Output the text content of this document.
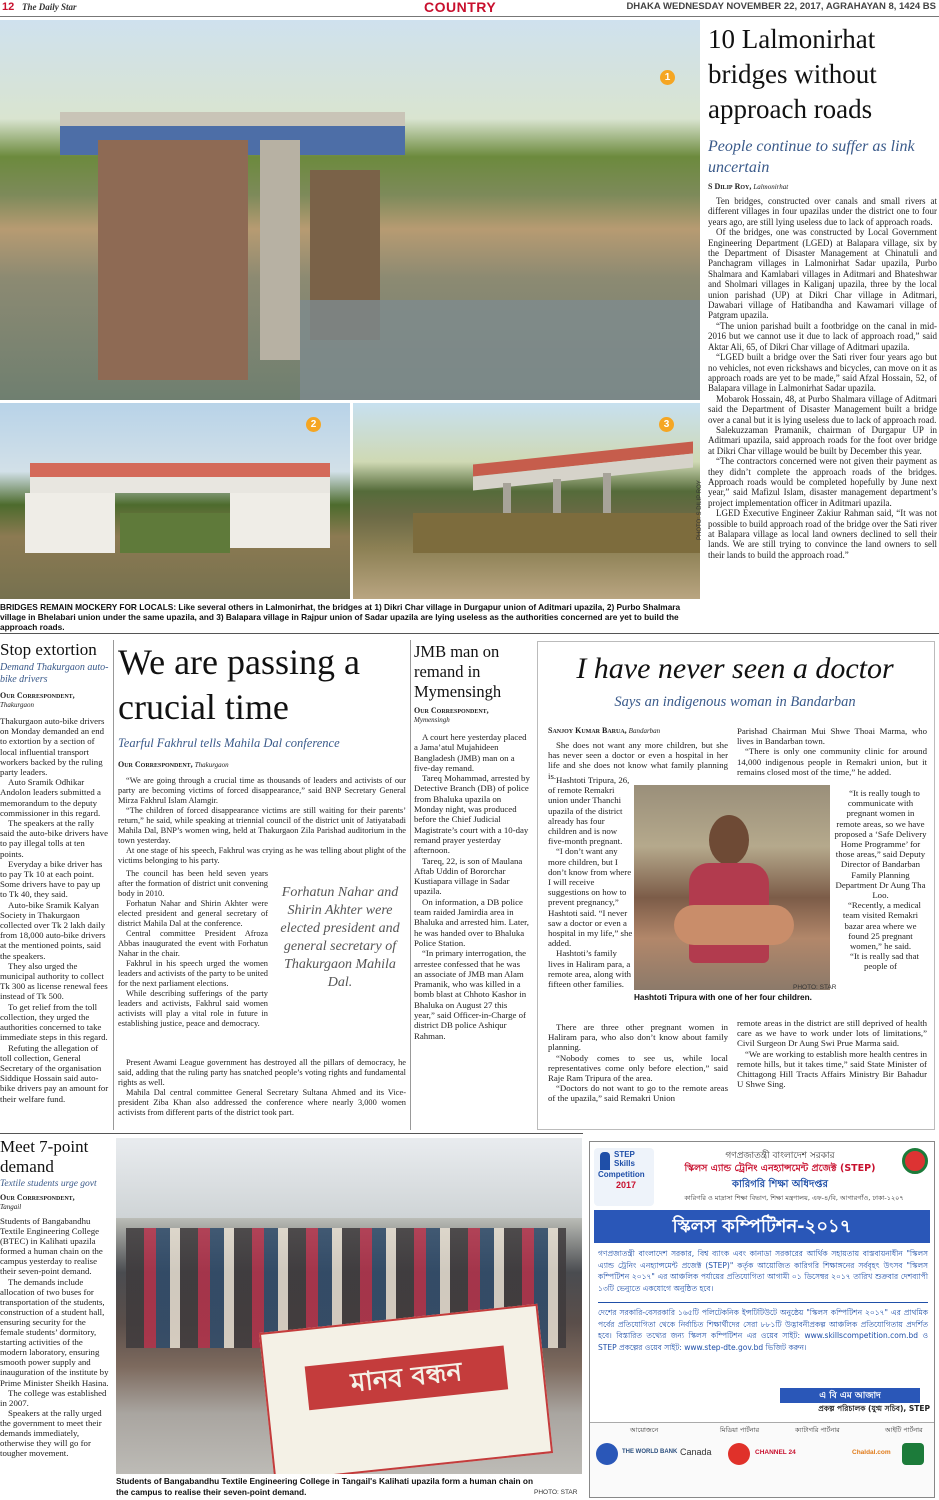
12 The Daily Star	COUNTRY	DHAKA WEDNESDAY NOVEMBER 22, 2017, AGRAHAYAN 8, 1424 BS
1
2	3
PHOTO: S DILIP ROY
BRIDGES REMAIN MOCKERY FOR LOCALS: Like several others in Lalmonirhat, the bridges at 1) Dikri Char village in Durgapur union of Aditmari upazila, 2) Purbo Shalmara village in Bhelabari union under the same upazila, and 3) Balapara village in Rajpur union of Sadar upazila are lying useless as the authorities concerned are yet to build the approach roads.
10 Lalmonirhat bridges without approach roads
People continue to suffer as link uncertain
S Dilip Roy, Lalmonirhat

Ten bridges, constructed over canals and small rivers at different villages in four upazilas under the district one to four years ago, are still lying useless due to lack of approach roads.

Of the bridges, one was constructed by Local Government Engineering Department (LGED) at Balapara village, six by the Department of Disaster Management at Chinatuli and Panchagram villages in Lalmonirhat Sadar upazila, Purbo Shalmara and Kamlabari villages in Aditmari and Bhateshwar and Sholmari villages in Kaliganj upazila, three by the local union parishad (UP) at Dikri Char village in Aditmari, Dawabari village of Hatibandha and Kawamari village of Patgram upazila.

“The union parishad built a footbridge on the canal in mid-2016 but we cannot use it due to lack of approach road,” said Aktar Ali, 65, of Dikri Char village of Aditmari upazila.

“LGED built a bridge over the Sati river four years ago but no vehicles, not even rickshaws and bicycles, can move on it as approach roads are yet to be made,” said Afzal Hossain, 52, of Balapara village in Lalmonirhat Sadar upazila.

Mobarok Hossain, 48, at Purbo Shalmara village of Aditmari said the Department of Disaster Management built a bridge over a canal but it is lying useless due to lack of approach road.

Salekuzzaman Pramanik, chairman of Durgapur UP in Aditmari upazila, said approach roads for the foot over bridge at Dikri Char village would be built by December this year.

“The contractors concerned were not given their payment as they didn’t complete the approach roads of the bridges. Approach roads would be completed hopefully by June next year,” said Mafizul Islam, disaster management department’s project implementation officer in Aditmari upazila.

LGED Executive Engineer Zakiur Rahman said, “It was not possible to build approach road of the bridge over the Sati river at Balapara village as local land owners declined to sell their lands. We are still trying to convince the land owners to sell their lands to build the approach road.”

Stop extortion
Demand Thakurgaon auto-bike drivers
Our Correspondent,
Thakurgaon

Thakurgaon auto-bike drivers on Monday demanded an end to extortion by a section of local influential transport workers backed by the ruling party leaders.

Auto Sramik Odhikar Andolon leaders submitted a memorandum to the deputy commissioner in this regard.

The speakers at the rally said the auto-bike drivers have to pay illegal tolls at ten points.

Everyday a bike driver has to pay Tk 10 at each point. Some drivers have to pay up to Tk 40, they said.

Auto-bike Sramik Kalyan Society in Thakurgaon collected over Tk 2 lakh daily from 18,000 auto-bike drivers at the mentioned points, said the speakers.

They also urged the municipal authority to collect Tk 300 as license renewal fees instead of Tk 500.

To get relief from the toll collection, they urged the authorities concerned to take immediate steps in this regard.

Refuting the allegation of toll collection, General Secretary of the organisation Siddique Hossain said auto-bike drivers pay an amount for their welfare fund.

We are passing a crucial time
Tearful Fakhrul tells Mahila Dal conference
Our Correspondent, Thakurgaon

“We are going through a crucial time as thousands of leaders and activists of our party are becoming victims of forced disappearance,” said BNP Secretary General Mirza Fakhrul Islam Alamgir.

“The children of forced disappearance victims are still waiting for their parents’ return,” he said, while speaking at triennial council of the district unit of Jatiyatabadi Mahila Dal, BNP’s women wing, held at Thakurgaon Zila Parishad auditorium in the town yesterday.

At one stage of his speech, Fakhrul was crying as he was telling about plight of the victims belonging to his party.

The council has been held seven years after the formation of district unit convening body in 2010.

Forhatun Nahar and Shirin Akhter were elected president and general secretary of district Mahila Dal at the conference.

Central committee President Afroza Abbas inaugurated the event with Forhatun Nahar in the chair.

Fakhrul in his speech urged the women leaders and activists of the party to be united for the next parliament elections.

While describing sufferings of the party leaders and activists, Fakhrul said women activists will play a vital role in future in establishing justice, peace and democracy.

Forhatun Nahar and Shirin Akhter were elected president and general secretary of Thakurgaon Mahila Dal.

Present Awami League government has destroyed all the pillars of democracy, he said, adding that the ruling party has snatched people’s voting rights and fundamental rights as well.

Mahila Dal central committee General Secretary Sultana Ahmed and its Vice-president Ziba Khan also addressed the conference where nearly 3,000 women activists from different parts of the district took part.

JMB man on remand in Mymensingh
Our Correspondent,
Mymensingh

A court here yesterday placed a Jama’atul Mujahideen Bangladesh (JMB) man on a five-day remand.

Tareq Mohammad, arrested by Detective Branch (DB) of police from Bhaluka upazila on Monday night, was produced before the Chief Judicial Magistrate’s court with a 10-day remand prayer yesterday afternoon.

Tareq, 22, is son of Maulana Aftab Uddin of Bororchar Kustiapara village in Sadar upazila.

On information, a DB police team raided Jamirdia area in Bhaluka and arrested him. Later, he was handed over to Bhaluka Police Station.

“In primary interrogation, the arrestee confessed that he was an associate of JMB man Alam Pramanik, who was killed in a bomb blast at Chhoto Kashor in Bhaluka on August 27 this year,” said Officer-in-Charge of district DB police Ashiqur Rahman.

I have never seen a doctor
Says an indigenous woman in Bandarban
Sanjoy Kumar Barua, Bandarban

She does not want any more children, but she has never seen a doctor or even a hospital in her life and she does not know what family planning is. Hashtoti Tripura, 26, of remote Remakri union under Thanchi upazila of the district already has four children and is now five-month pregnant.

“I don’t want any more children, but I don’t know from where I will receive suggestions on how to prevent pregnancy,” Hashtoti said. “I never saw a doctor or even a hospital in my life,” she added.

Hashtoti’s family lives in Haliram para, a remote area, along with fifteen other families.

There are three other pregnant women in Haliram para, who also don’t know about family planning.

“Nobody comes to see us, while local representatives come only before election,” said Raje Ram Tripura of the area.

“Doctors do not want to go to the remote areas of the upazila,” said Remakri Union

Parishad Chairman Mui Shwe Thoai Marma, who lives in Bandarban town.

“There is only one community clinic for around 14,000 indigenous people in Remakri union, but it remains closed most of the time,” he added.

“It is really tough to communicate with pregnant women in remote areas, so we have proposed a ‘Safe Delivery Home Programme’ for those areas,” said Deputy Director of Bandarban Family Planning Department Dr Aung Tha Loo.

“Recently, a medical team visited Remakri bazar area where we found 25 pregnant women,” he said.

“It is really sad that people of

PHOTO: STAR
Hashtoti Tripura with one of her four children.

remote areas in the district are still deprived of health care as we have to work under lots of limitations,” Civil Surgeon Dr Aung Swi Prue Marma said.

“We are working to establish more health centres in remote hills, but it takes time,” said State Minister of Chittagong Hill Tracts Affairs Ministry Bir Bahadur U Shwe Sing.

Meet 7-point demand
Textile students urge govt
Our Correspondent,
Tangail

Students of Bangabandhu Textile Engineering College (BTEC) in Kalihati upazila formed a human chain on the campus yesterday to realise their seven-point demand.

The demands include allocation of two buses for transportation of the students, construction of a student hall, ensuring security for the female students’ dormitory, starting activities of the modern laboratory, ensuring smooth power supply and inauguration of the institute by Prime Minister Sheikh Hasina.

The college was established in 2007.

Speakers at the rally urged the government to meet their demands immediately, otherwise they will go for tougher movement.

মানব বন্ধন
Students of Bangabandhu Textile Engineering College in Tangail's Kalihati upazila form a human chain on the campus to realise their seven-point demand.	PHOTO: STAR
STEP
Skills
Competition
2017
গণপ্রজাতন্ত্রী বাংলাদেশ সরকার
স্কিলস এ্যান্ড ট্রেনিং এনহ্যান্সমেন্ট প্রজেক্ট (STEP)
কারিগরি শিক্ষা অধিদপ্তর
কারিগরি ও মাদ্রাসা শিক্ষা বিভাগ, শিক্ষা মন্ত্রণালয়, এফ-৪/বি, আগারগাঁও, ঢাকা-১২০৭
স্কিলস কম্পিটিশন-২০১৭
গণপ্রজাতন্ত্রী বাংলাদেশ সরকার, বিশ্ব ব্যাংক এবং কানাডা সরকারের আর্থিক সহায়তায় বাস্তবায়নাধীন "স্কিলস এ্যান্ড ট্রেনিং এনহ্যান্সমেন্ট প্রজেক্ট (STEP)" কর্তৃক আয়োজিত কারিগরি শিক্ষাঙ্গনের সর্ববৃহৎ উৎসব "স্কিলস কম্পিটিশন ২০১৭" এর আঞ্চলিক পর্যায়ের প্রতিযোগিতা আগামী ০১ ডিসেম্বর ২০১৭ তারিখ শুক্রবার দেশব্যাপী ১৩টি ভেন্যুতে একযোগে অনুষ্ঠিত হবে।
দেশের সরকারি-বেসরকারি ১৬৫টি পলিটেকনিক ইন্সটিটিউটে অনুষ্ঠেয় "স্কিলস কম্পিটিশন ২০১৭" এর প্রাথমিক পর্বের প্রতিযোগিতা থেকে নির্বাচিত শিক্ষার্থীদের সেরা ৮৮১টি উদ্ভাবনীপ্রকল্প আঞ্চলিক প্রতিযোগিতায় প্রদর্শিত হবে। বিস্তারিত তথ্যের জন্য স্কিলস কম্পিটিশন এর ওয়েব সাইট: www.skillscompetition.com.bd ও STEP প্রকল্পের ওয়েব সাইট: www.step-dte.gov.bd ভিজিট করুন।
এ বি এম আজাদ
প্রকল্প পরিচালক (যুগ্ম সচিব), STEP
আয়োজনে	মিডিয়া পার্টনার	ক্যাটাগরি পার্টনার	আইটি পার্টনার
THE WORLD BANK Canada	CHANNEL 24	Chaldal.com
